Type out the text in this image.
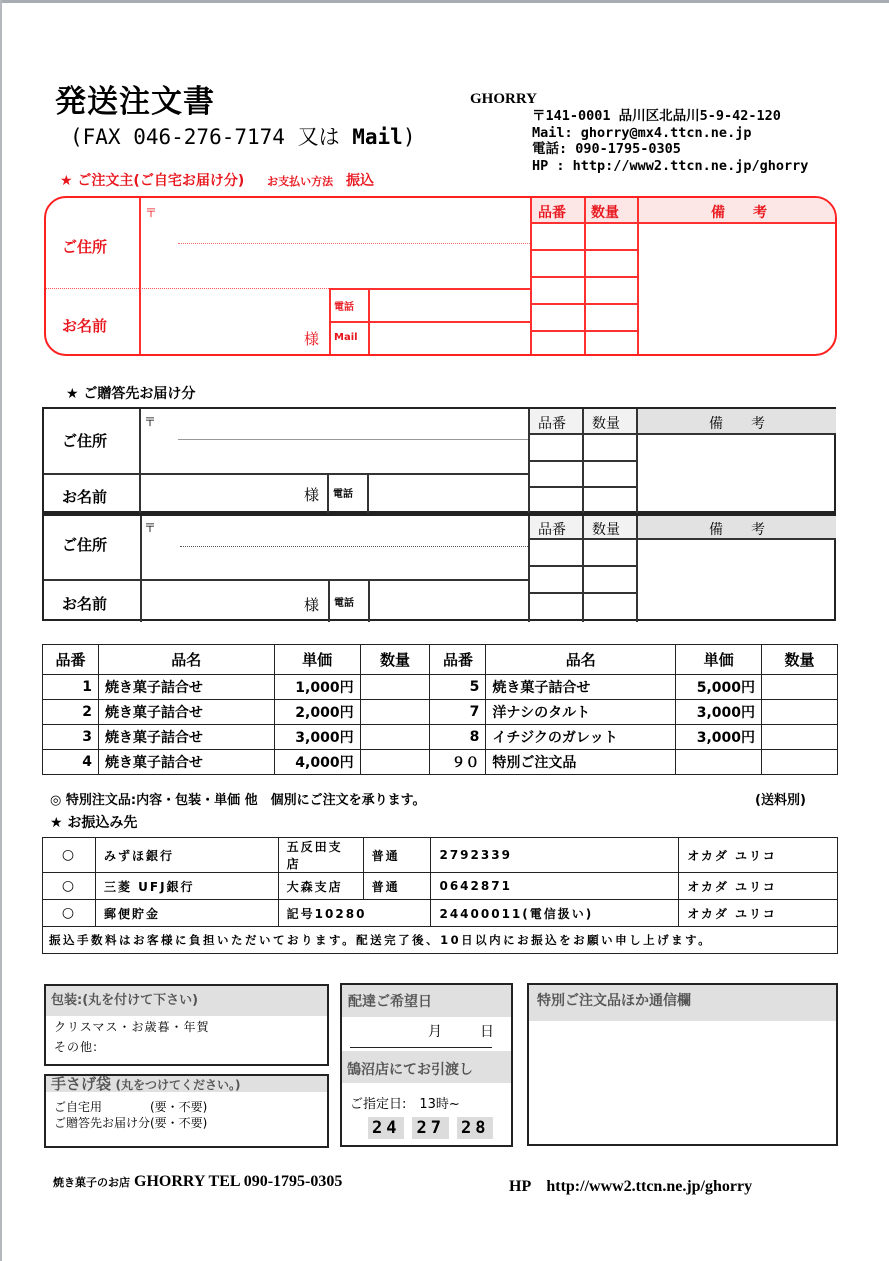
発送注文書
(FAX 046-276-7174 又は Mail)
GHORRY
〒141-0001 品川区北品川5-9-42-120
Mail: ghorry@mx4.ttcn.ne.jp
電話: 090-1795-0305
HP : http://www2.ttcn.ne.jp/ghorry
★ ご注文主(ご自宅お届け分) お支払い方法 振込
ご住所
〒
お名前
様
電話
Mail
品番 数量	備　　考
★ ご贈答先お届け分
ご住所
〒
お名前	様 電話
品番 数量	備　　考
ご住所
〒
お名前	様 電話
品番 数量	備　　考
品番	品名	単価	数量	品番	品名	単価	数量
1	焼き菓子詰合せ	1,000円		5	焼き菓子詰合せ	5,000円	
2	焼き菓子詰合せ	2,000円		7	洋ナシのタルト	3,000円	
3	焼き菓子詰合せ	3,000円		8	イチジクのガレット	3,000円	
4	焼き菓子詰合せ	4,000円		９０	特別ご注文品		
◎ 特別注文品:内容・包装・単価 他　個別にご注文を承ります。	(送料別)
★ お振込み先
○	みずほ銀行	五反田支店	普通	2792339	オカダ ユリコ
○	三菱 UFJ銀行	大森支店	普通	0642871	オカダ ユリコ
○	郵便貯金	記号10280		24400011(電信扱い)	オカダ ユリコ
振込手数料はお客様に負担いただいております。配送完了後、10日以内にお振込をお願い申し上げます。					
包装:(丸を付けて下さい)
クリスマス・お歳暮・年賀
その他:
手さげ袋 (丸をつけてください。)
ご自宅用　　　　(要・不要)
ご贈答先お届け分(要・不要)
配達ご希望日
月	日
鵠沼店にてお引渡し
ご指定日:　13時~
24 27 28
特別ご注文品ほか通信欄
焼き菓子のお店 GHORRY TEL 090-1795-0305	HP　http://www2.ttcn.ne.jp/ghorry
